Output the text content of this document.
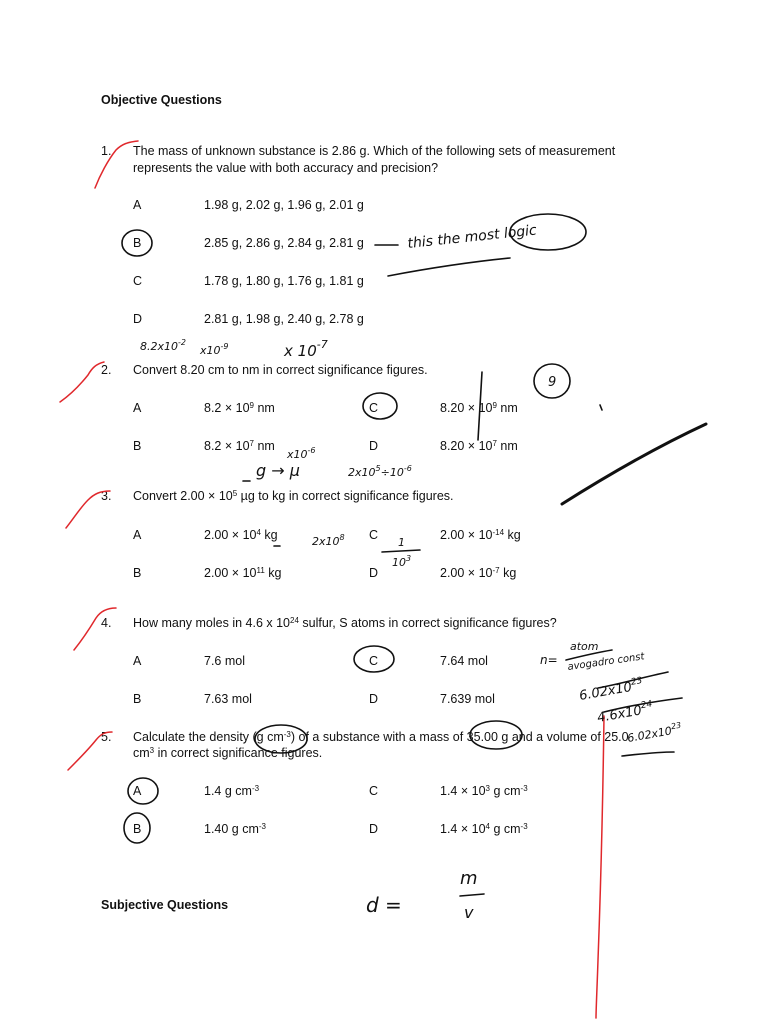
Objective Questions
1. The mass of unknown substance is 2.86 g. Which of the following sets of measurement represents the value with both accuracy and precision?
A	1.98 g, 2.02 g, 1.96 g, 2.01 g
B	2.85 g, 2.86 g, 2.84 g, 2.81 g
C	1.78 g, 1.80 g, 1.76 g, 1.81 g
D	2.81 g, 1.98 g, 2.40 g, 2.78 g
2. Convert 8.20 cm to nm in correct significance figures.
A	$8.2 \times 10^9$ nm	C	$8.20 \times 10^9$ nm
B	$8.2 \times 10^7$ nm	D	$8.20 \times 10^7$ nm
3. Convert $2.00 \times 10^5$ µg to kg in correct significance figures.
A	$2.00 \times 10^4$ kg	C	$2.00 \times 10^{-14}$ kg
B	$2.00 \times 10^{11}$ kg	D	$2.00 \times 10^{-7}$ kg
4. How many moles in 4.6 x $10^{24}$ sulfur, S atoms in correct significance figures?
A	7.6 mol	C	7.64 mol
B	7.63 mol	D	7.639 mol
5. Calculate the density (g $cm^{-3}$) of a substance with a mass of 35.00 g and a volume of 25.0
$cm^3$ in correct significance figures.
A	1.4 g $cm^{-3}$	C	$1.4 \times 10^3$ g $cm^{-3}$
B	1.40 g $cm^{-3}$	D	$1.4 \times 10^4$ g $cm^{-3}$
Subjective Questions
this the most logic
$8.2x10^{-2}$
$x10^{-9}$	x $10^{-7}$
9
$x10^{-6}$
g → µ	$2x10^5\div 10^{-6}$
$2x10^8$	1
$10^3$
n=
atom
avogadro const
$6.02x10^{23}$
$4.6x10^{24}$
$6.02x10^{23}$
d =
m
v
